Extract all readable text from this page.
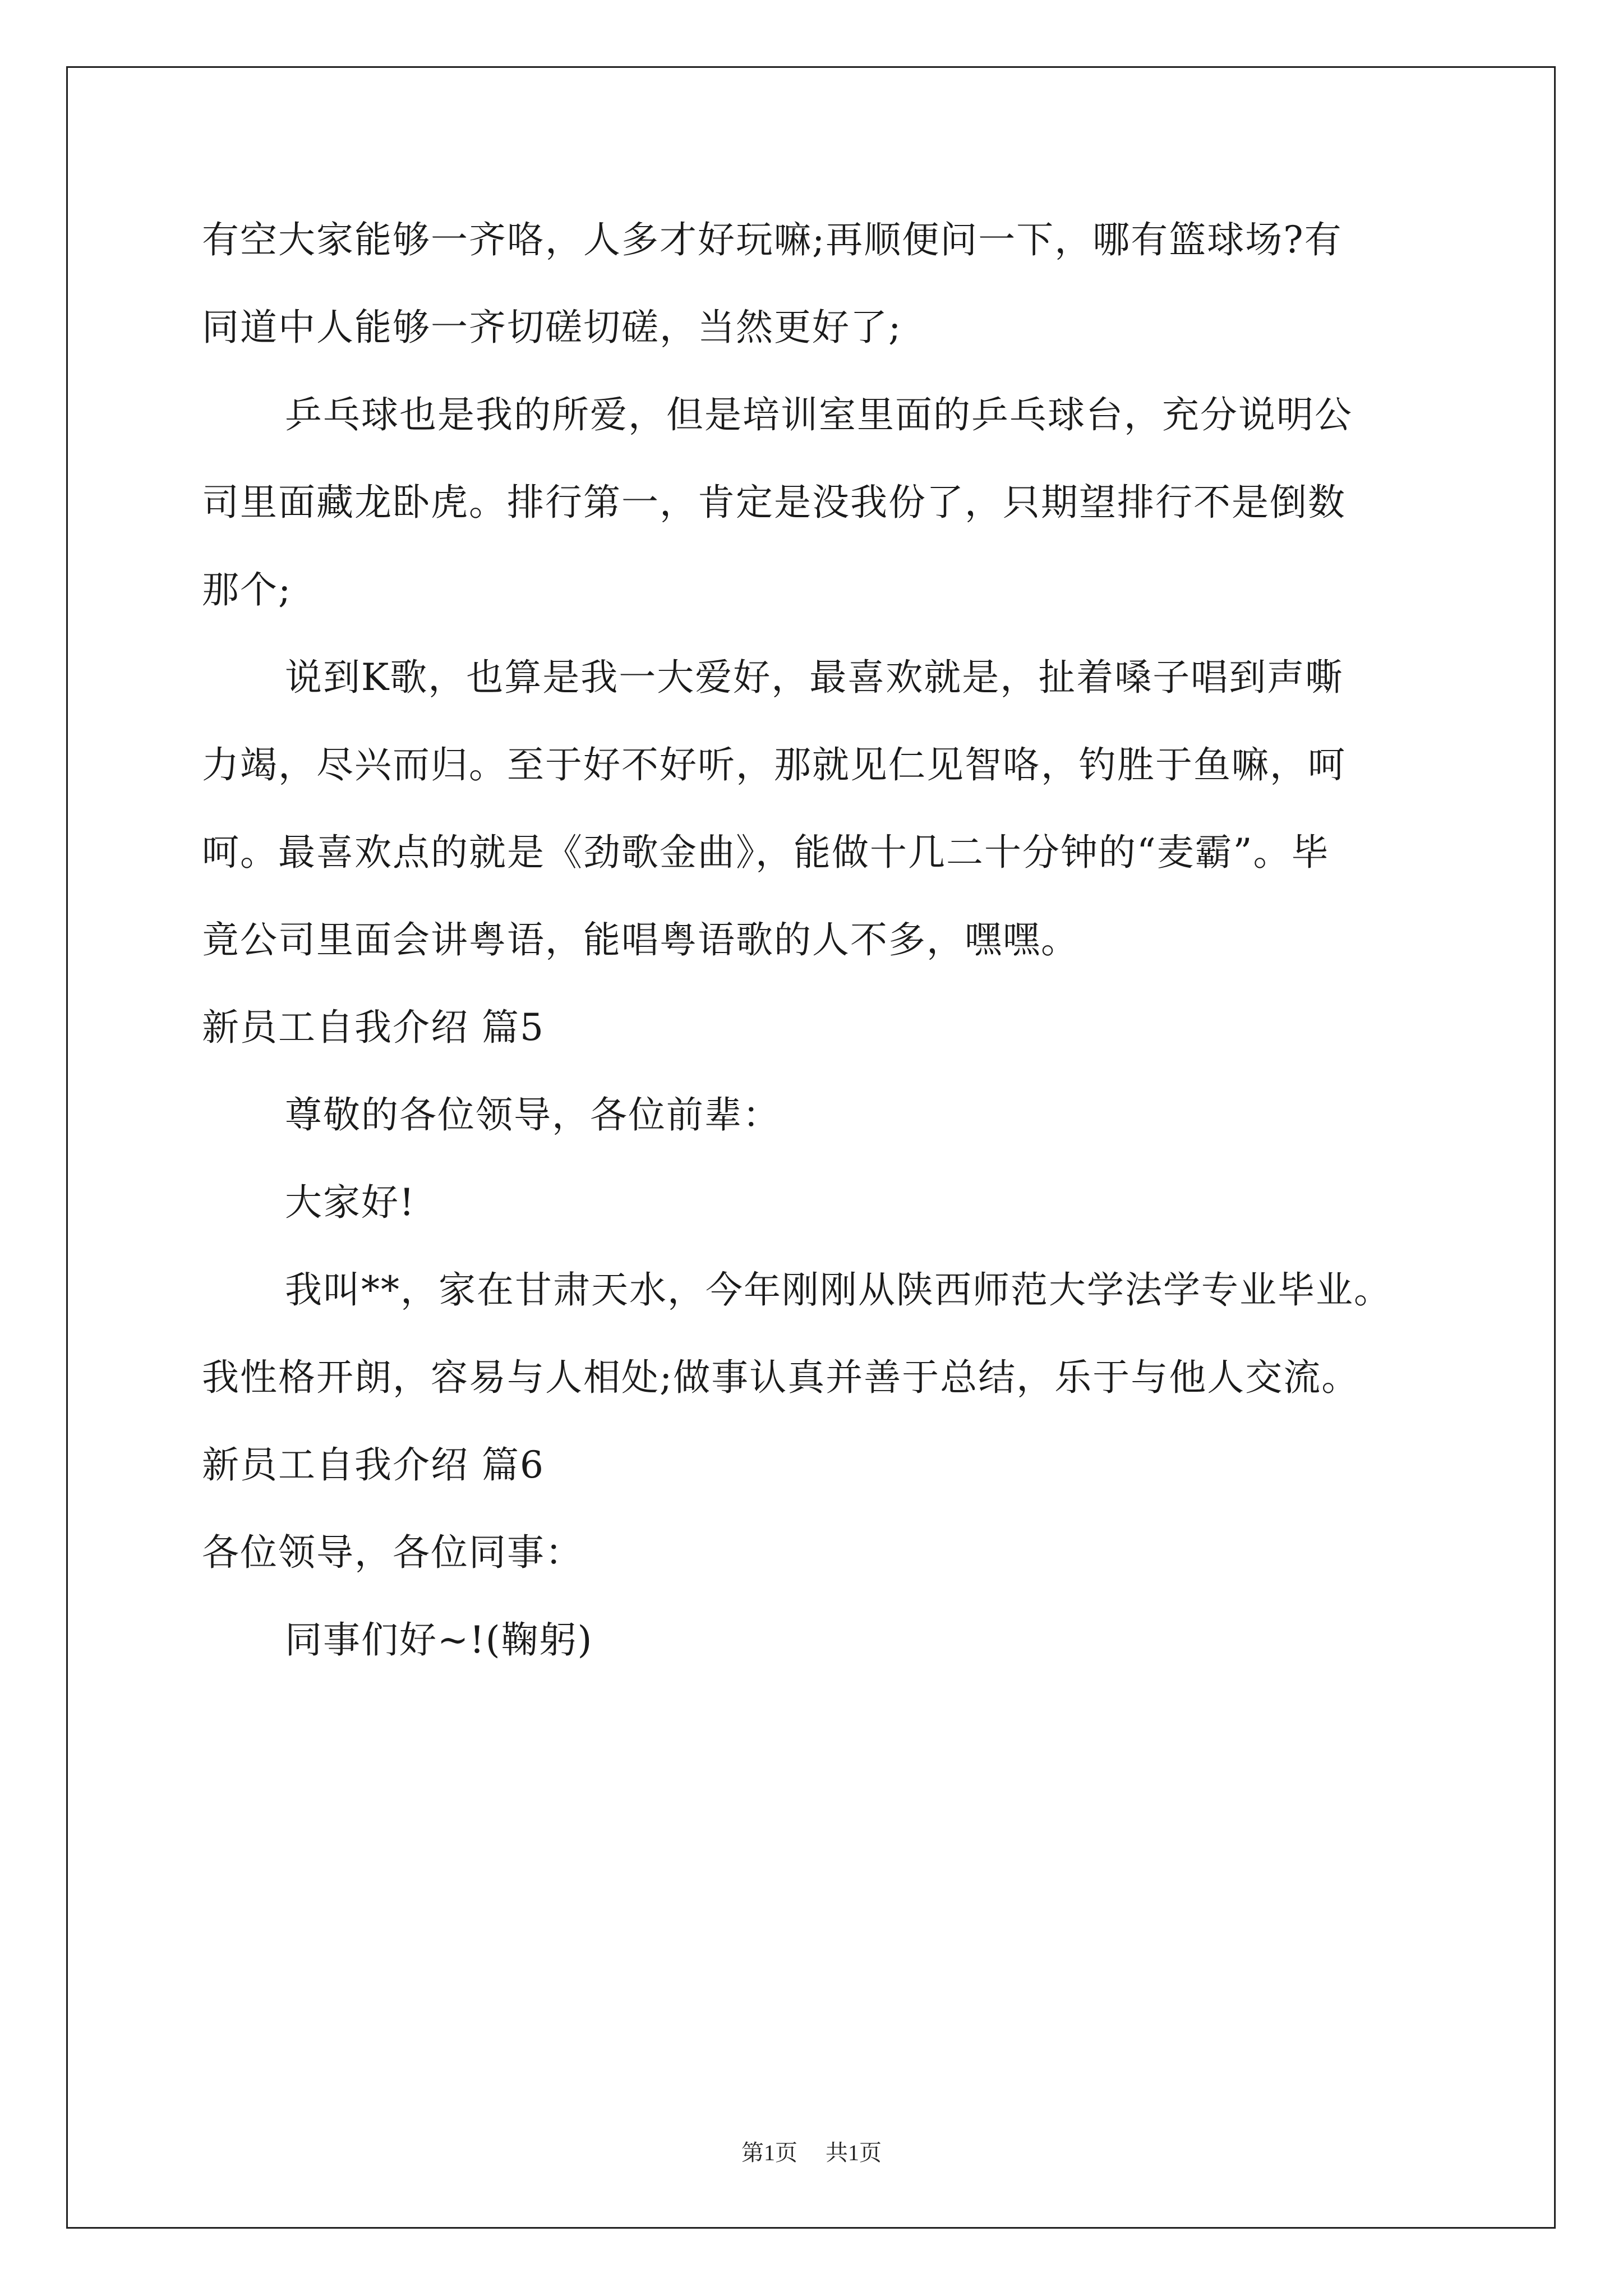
有空大家能够一齐咯，人多才好玩嘛;再顺便问一下，哪有篮球场?有

同道中人能够一齐切磋切磋，当然更好了;

乒乓球也是我的所爱，但是培训室里面的乒乓球台，充分说明公

司里面藏龙卧虎。排行第一，肯定是没我份了，只期望排行不是倒数

那个;

说到K歌，也算是我一大爱好，最喜欢就是，扯着嗓子唱到声嘶

力竭，尽兴而归。至于好不好听，那就见仁见智咯，钓胜于鱼嘛，呵

呵。最喜欢点的就是《劲歌金曲》，能做十几二十分钟的“麦霸”。毕

竟公司里面会讲粤语，能唱粤语歌的人不多，嘿嘿。

新员工自我介绍 篇5

尊敬的各位领导，各位前辈：

大家好!

我叫**，家在甘肃天水，今年刚刚从陕西师范大学法学专业毕业。

我性格开朗，容易与人相处;做事认真并善于总结，乐于与他人交流。

新员工自我介绍 篇6

各位领导，各位同事：

同事们好~!(鞠躬)

第1页 共1页
